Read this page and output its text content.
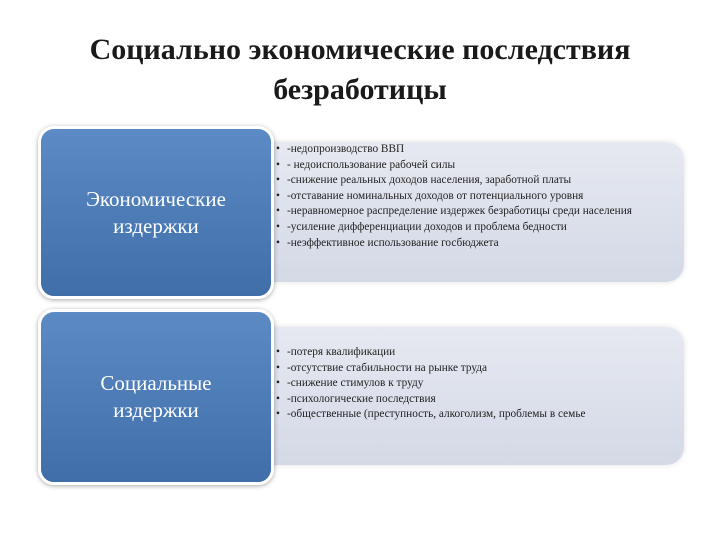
Социально экономические последствия
безработицы
• -недопроизводство ВВП
• - недоиспользование рабочей силы
• -снижение реальных доходов населения, заработной платы
• -отставание номинальных доходов от потенциального уровня
• -неравномерное распределение издержек безработицы среди населения
• -усиление дифференциации доходов и проблема бедности
• -неэффективное использование госбюджета
Экономические
издержки
• -потеря квалификации
• -отсутствие стабильности на рынке труда
• -снижение стимулов к труду
• -психологические последствия
• -общественные (преступность, алкоголизм, проблемы в семье
Социальные
издержки
